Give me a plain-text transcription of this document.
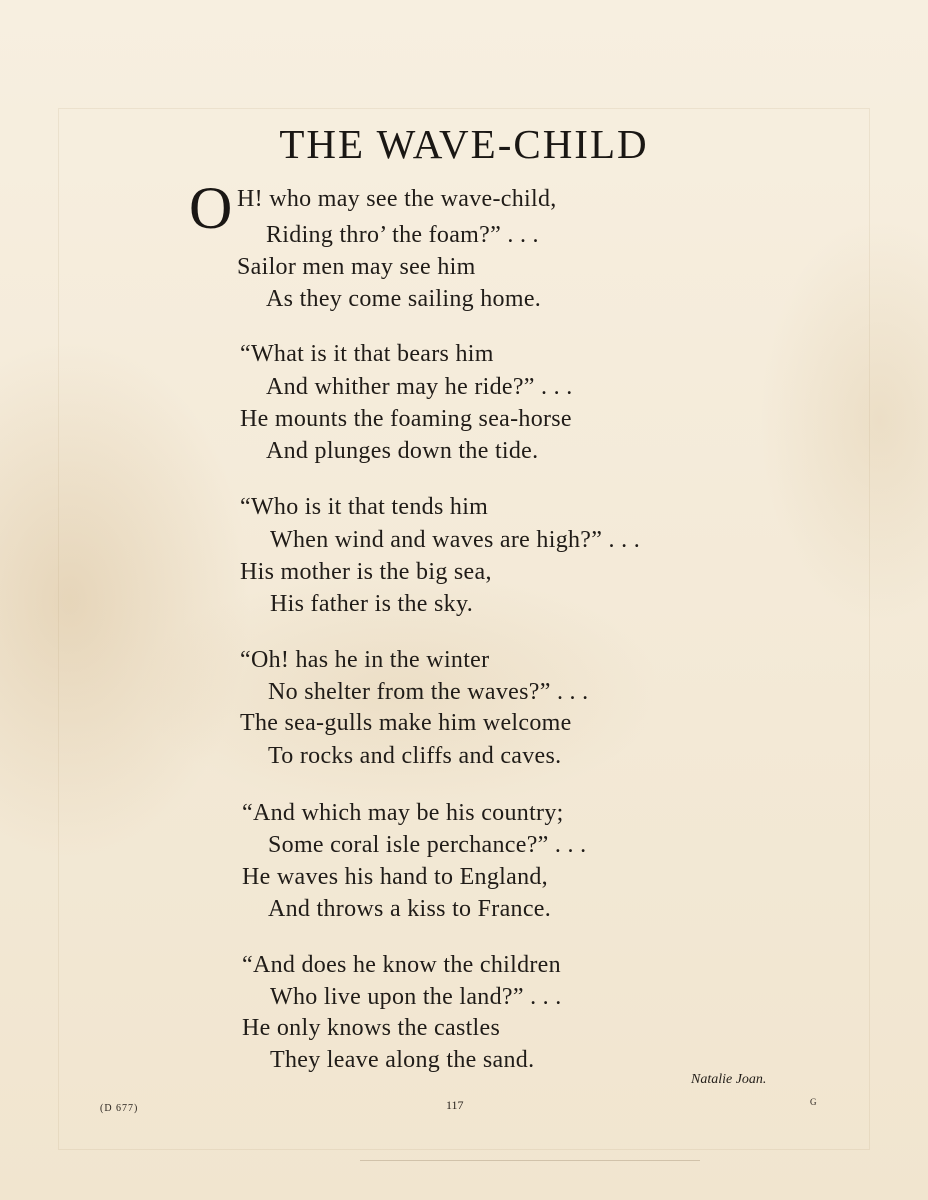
THE WAVE-CHILD
O H! who may see the wave-child,
Riding thro’ the foam?” . . .
Sailor men may see him
As they come sailing home.
“What is it that bears him
And whither may he ride?” . . .
He mounts the foaming sea-horse
And plunges down the tide.
“Who is it that tends him
When wind and waves are high?” . . .
His mother is the big sea,
His father is the sky.
“Oh! has he in the winter
No shelter from the waves?” . . .
The sea-gulls make him welcome
To rocks and cliffs and caves.
“And which may be his country;
Some coral isle perchance?” . . .
He waves his hand to England,
And throws a kiss to France.
“And does he know the children
Who live upon the land?” . . .
He only knows the castles
They leave along the sand.
Natalie Joan.
(D 677)	117	G
